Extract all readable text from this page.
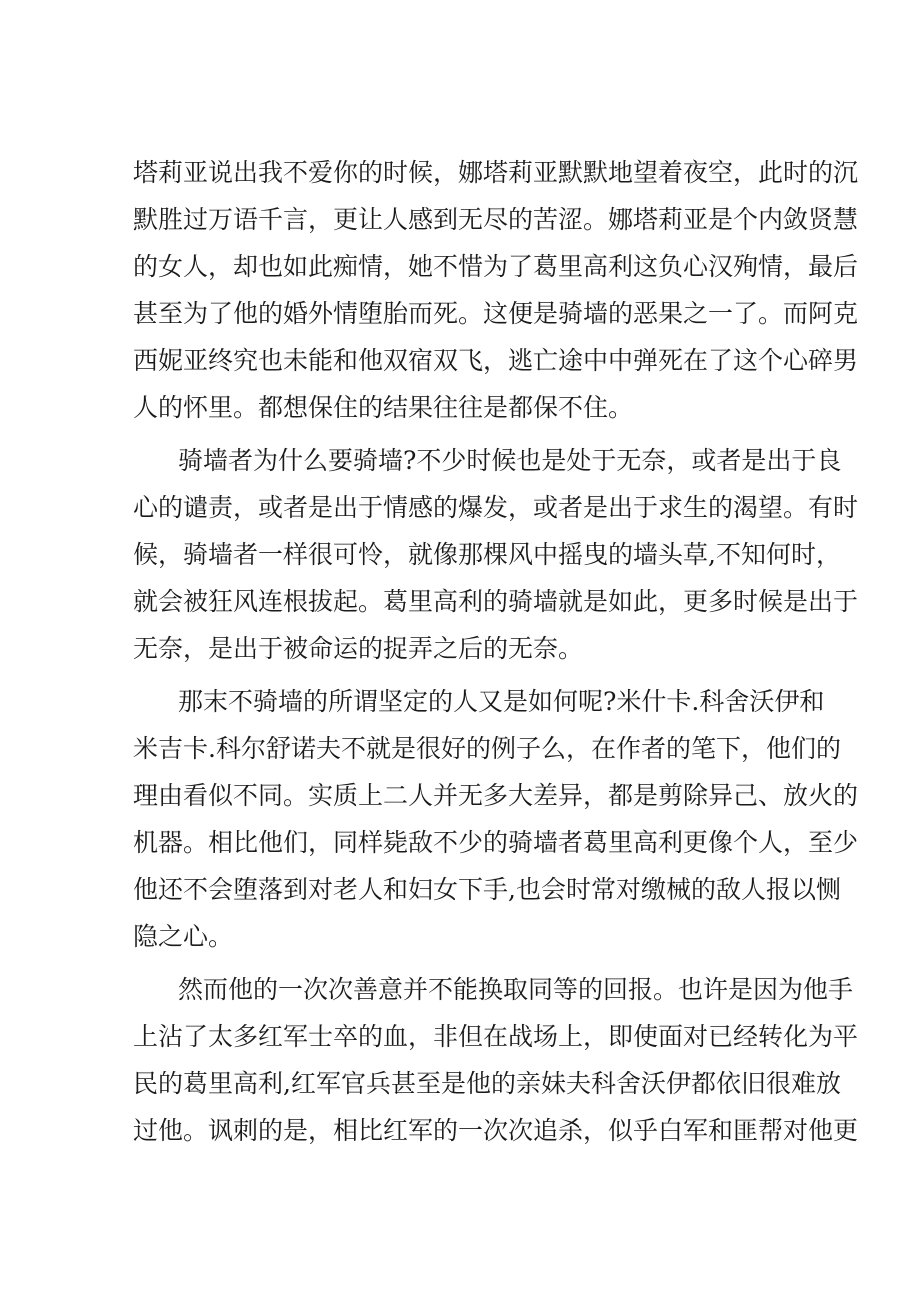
塔莉亚说出我不爱你的时候，娜塔莉亚默默地望着夜空，此时的沉
默胜过万语千言，更让人感到无尽的苦涩。娜塔莉亚是个内敛贤慧
的女人，却也如此痴情，她不惜为了葛里高利这负心汉殉情，最后
甚至为了他的婚外情堕胎而死。这便是骑墙的恶果之一了。而阿克
西妮亚终究也未能和他双宿双飞，逃亡途中中弹死在了这个心碎男
人的怀里。都想保住的结果往往是都保不住。
骑墙者为什么要骑墙?不少时候也是处于无奈，或者是出于良
心的谴责，或者是出于情感的爆发，或者是出于求生的渴望。有时
候，骑墙者一样很可怜，就像那棵风中摇曳的墙头草,不知何时，
就会被狂风连根拔起。葛里高利的骑墙就是如此，更多时候是出于
无奈，是出于被命运的捉弄之后的无奈。
那末不骑墙的所谓坚定的人又是如何呢?米什卡.科舍沃伊和
米吉卡.科尔舒诺夫不就是很好的例子么，在作者的笔下，他们的
理由看似不同。实质上二人并无多大差异，都是剪除异己、放火的
机器。相比他们，同样毙敌不少的骑墙者葛里高利更像个人，至少
他还不会堕落到对老人和妇女下手,也会时常对缴械的敌人报以恻
隐之心。
然而他的一次次善意并不能换取同等的回报。也许是因为他手
上沾了太多红军士卒的血，非但在战场上，即使面对已经转化为平
民的葛里高利,红军官兵甚至是他的亲妹夫科舍沃伊都依旧很难放
过他。讽刺的是，相比红军的一次次追杀，似乎白军和匪帮对他更
